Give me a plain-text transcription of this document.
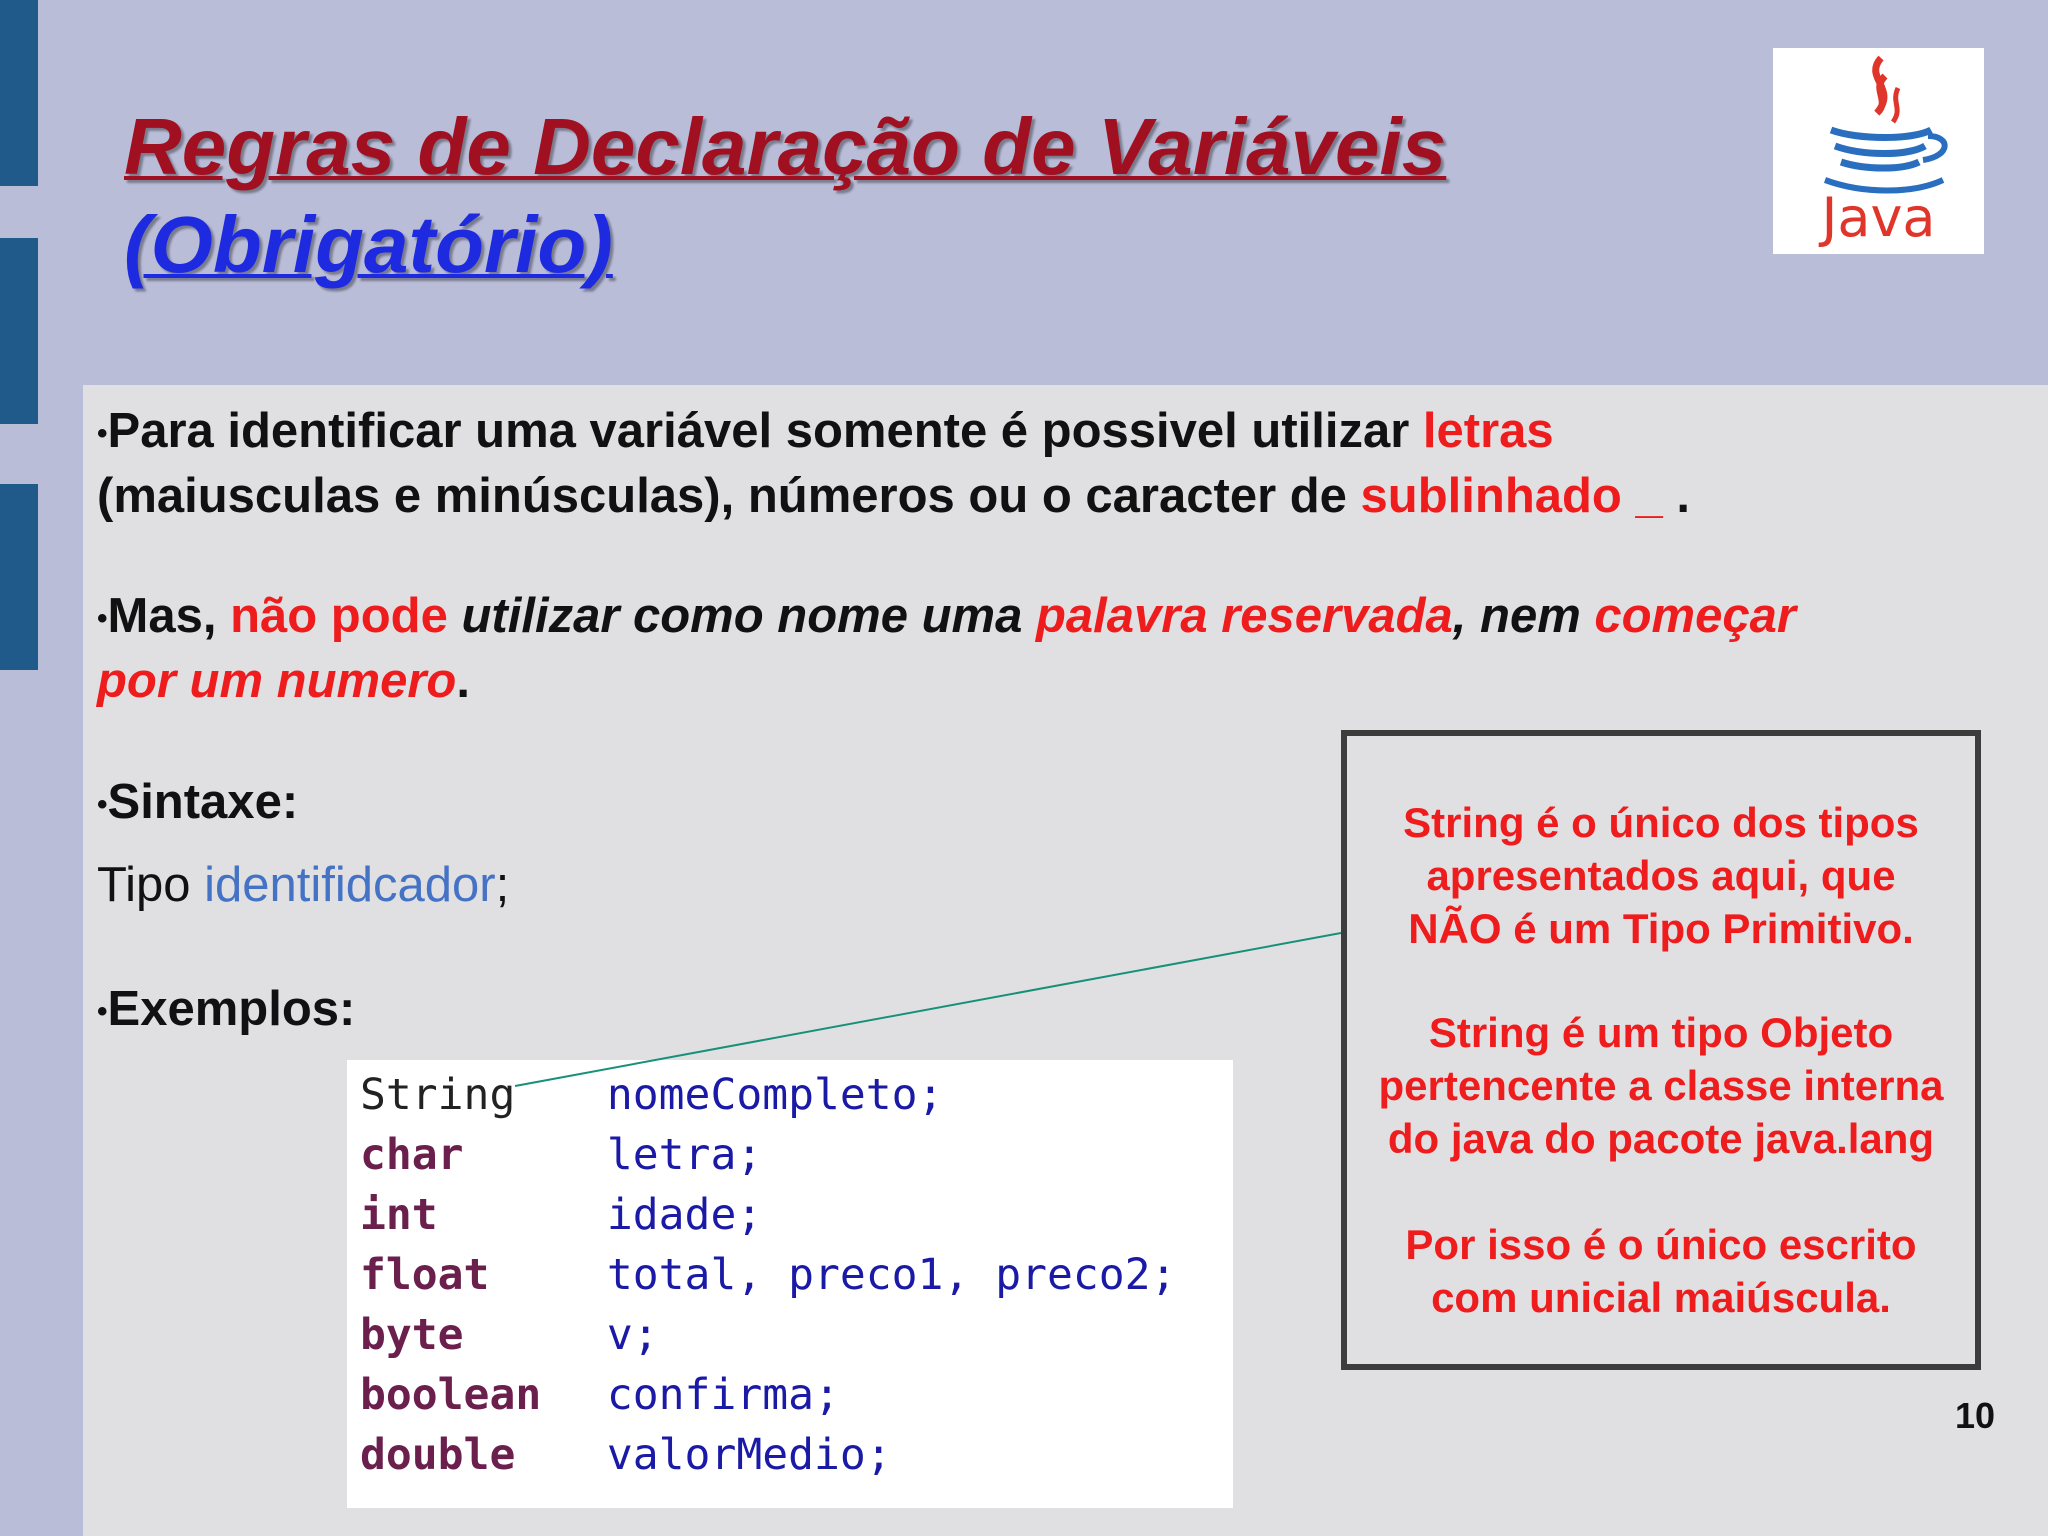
Regras de Declaração de Variáveis
(Obrigatório)	Java
•Para identificar uma variável somente é possivel utilizar letras
(maiusculas e minúsculas), números ou o caracter de sublinhado _ .
•Mas, não pode utilizar como nome uma palavra reservada, nem começar
por um numero.
•Sintaxe:
Tipo identifidcador;
•Exemplos:
String nomeCompleto;
char	letra;
int	idade;
float total, preco1, preco2;
byte	v;
boolean confirma;
double valorMedio;
String é o único dos tipos
apresentados aqui, que
NÃO é um Tipo Primitivo.
String é um tipo Objeto
pertencente a classe interna
do java do pacote java.lang
Por isso é o único escrito
com unicial maiúscula.
10
